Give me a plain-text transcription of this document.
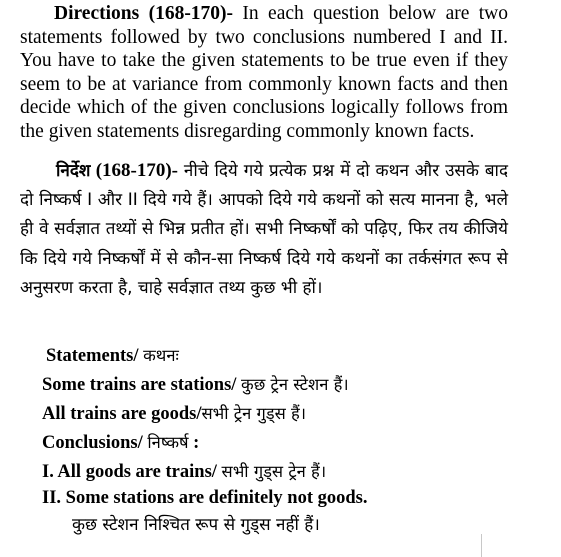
Directions (168-170)- In each question below are two statements followed by two conclusions numbered I and II. You have to take the given statements to be true even if they seem to be at variance from commonly known facts and then decide which of the given conclusions logically follows from the given statements disregarding commonly known facts.

निर्देश (168-170)- नीचे दिये गये प्रत्येक प्रश्न में दो कथन और उसके बाद दो निष्कर्ष I और II दिये गये हैं। आपको दिये गये कथनों को सत्य मानना है, भले ही वे सर्वज्ञात तथ्यों से भिन्न प्रतीत हों। सभी निष्कर्षों को पढ़िए, फिर तय कीजिये कि दिये गये निष्कर्षों में से कौन-सा निष्कर्ष दिये गये कथनों का तर्कसंगत रूप से अनुसरण करता है, चाहे सर्वज्ञात तथ्य कुछ भी हों।

Statements/ कथनः

Some trains are stations/ कुछ ट्रेन स्टेशन हैं।

All trains are goods/सभी ट्रेन गुड्स हैं।

Conclusions/ निष्कर्ष :

I. All goods are trains/ सभी गुड्स ट्रेन हैं।

II. Some stations are definitely not goods.

कुछ स्टेशन निश्चित रूप से गुड्स नहीं हैं।
